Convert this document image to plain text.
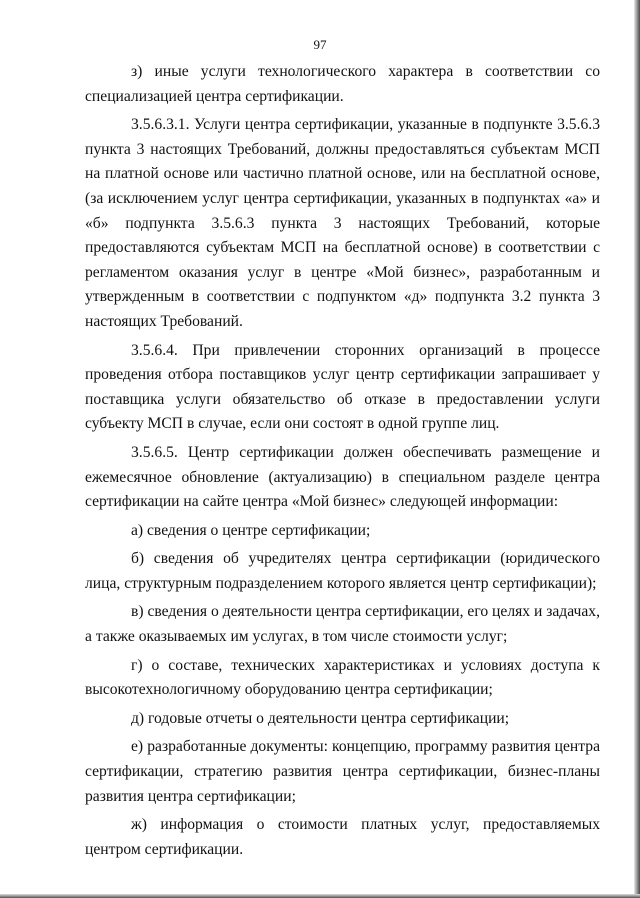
97

з) иные услуги технологического характера в соответствии со специализацией центра сертификации.

3.5.6.3.1. Услуги центра сертификации, указанные в подпункте 3.5.6.3 пункта 3 настоящих Требований, должны предоставляться субъектам МСП на платной основе или частично платной основе, или на бесплатной основе, (за исключением услуг центра сертификации, указанных в подпунктах «а» и «б» подпункта 3.5.6.3 пункта 3 настоящих Требований, которые предоставляются субъектам МСП на бесплатной основе) в соответствии с регламентом оказания услуг в центре «Мой бизнес», разработанным и утвержденным в соответствии с подпунктом «д» подпункта 3.2 пункта 3 настоящих Требований.

3.5.6.4. При привлечении сторонних организаций в процессе проведения отбора поставщиков услуг центр сертификации запрашивает у поставщика услуги обязательство об отказе в предоставлении услуги субъекту МСП в случае, если они состоят в одной группе лиц.

3.5.6.5. Центр сертификации должен обеспечивать размещение и ежемесячное обновление (актуализацию) в специальном разделе центра сертификации на сайте центра «Мой бизнес» следующей информации:

а) сведения о центре сертификации;

б) сведения об учредителях центра сертификации (юридического лица, структурным подразделением которого является центр сертификации);

в) сведения о деятельности центра сертификации, его целях и задачах, а также оказываемых им услугах, в том числе стоимости услуг;

г) о составе, технических характеристиках и условиях доступа к высокотехнологичному оборудованию центра сертификации;

д) годовые отчеты о деятельности центра сертификации;

е) разработанные документы: концепцию, программу развития центра сертификации, стратегию развития центра сертификации, бизнес-планы развития центра сертификации;

ж) информация о стоимости платных услуг, предоставляемых центром сертификации.
